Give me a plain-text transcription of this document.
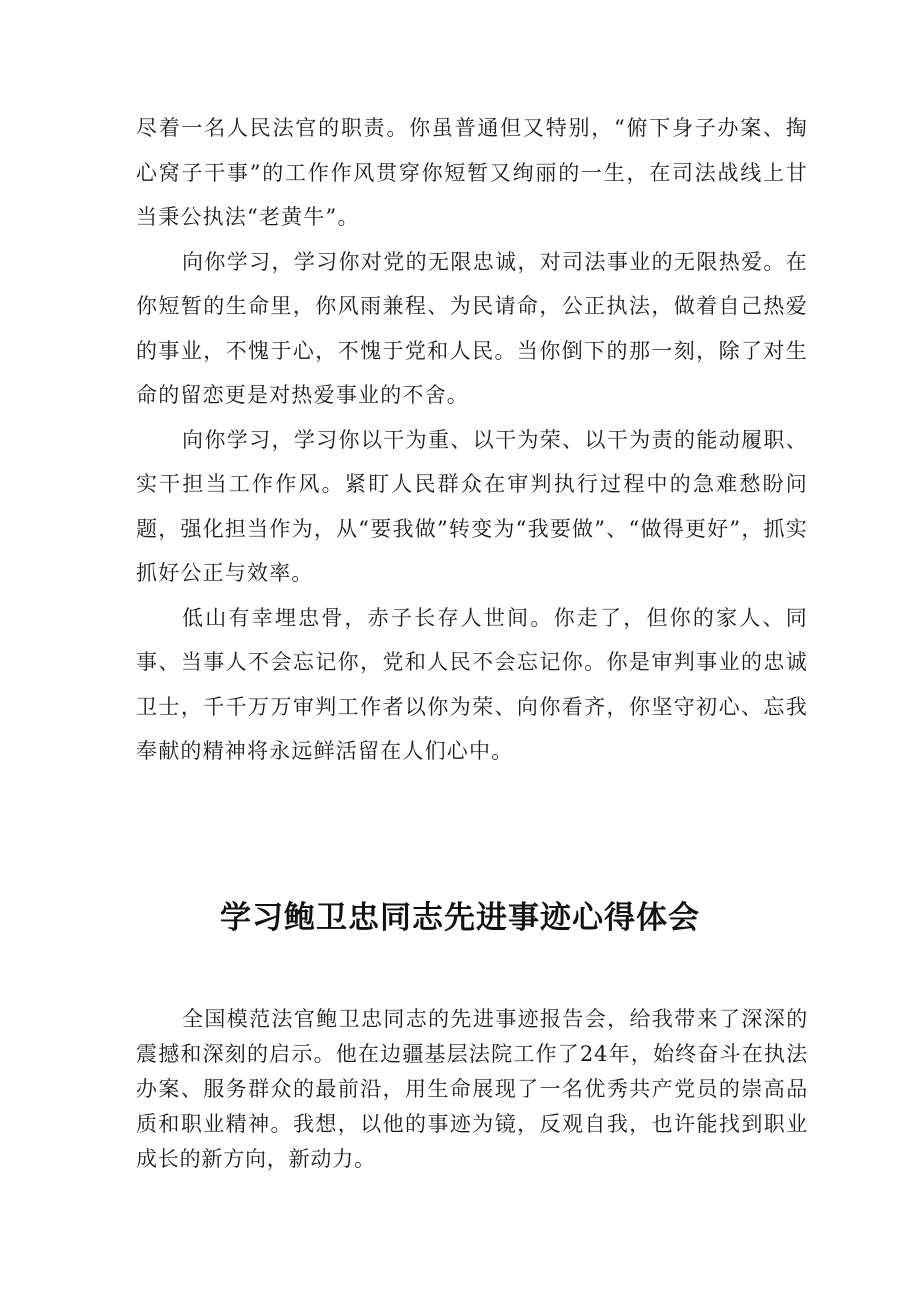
尽着一名人民法官的职责。你虽普通但又特别，“俯下身子办案、掏心窝子干事”的工作作风贯穿你短暂又绚丽的一生，在司法战线上甘当秉公执法“老黄牛”。

向你学习，学习你对党的无限忠诚，对司法事业的无限热爱。在你短暂的生命里，你风雨兼程、为民请命，公正执法，做着自己热爱的事业，不愧于心，不愧于党和人民。当你倒下的那一刻，除了对生命的留恋更是对热爱事业的不舍。

向你学习，学习你以干为重、以干为荣、以干为责的能动履职、实干担当工作作风。紧盯人民群众在审判执行过程中的急难愁盼问题，强化担当作为，从“要我做”转变为“我要做”、“做得更好”，抓实抓好公正与效率。

低山有幸埋忠骨，赤子长存人世间。你走了，但你的家人、同事、当事人不会忘记你，党和人民不会忘记你。你是审判事业的忠诚卫士，千千万万审判工作者以你为荣、向你看齐，你坚守初心、忘我奉献的精神将永远鲜活留在人们心中。

学习鲍卫忠同志先进事迹心得体会

全国模范法官鲍卫忠同志的先进事迹报告会，给我带来了深深的震撼和深刻的启示。他在边疆基层法院工作了24年，始终奋斗在执法办案、服务群众的最前沿，用生命展现了一名优秀共产党员的崇高品质和职业精神。我想，以他的事迹为镜，反观自我，也许能找到职业成长的新方向，新动力。
